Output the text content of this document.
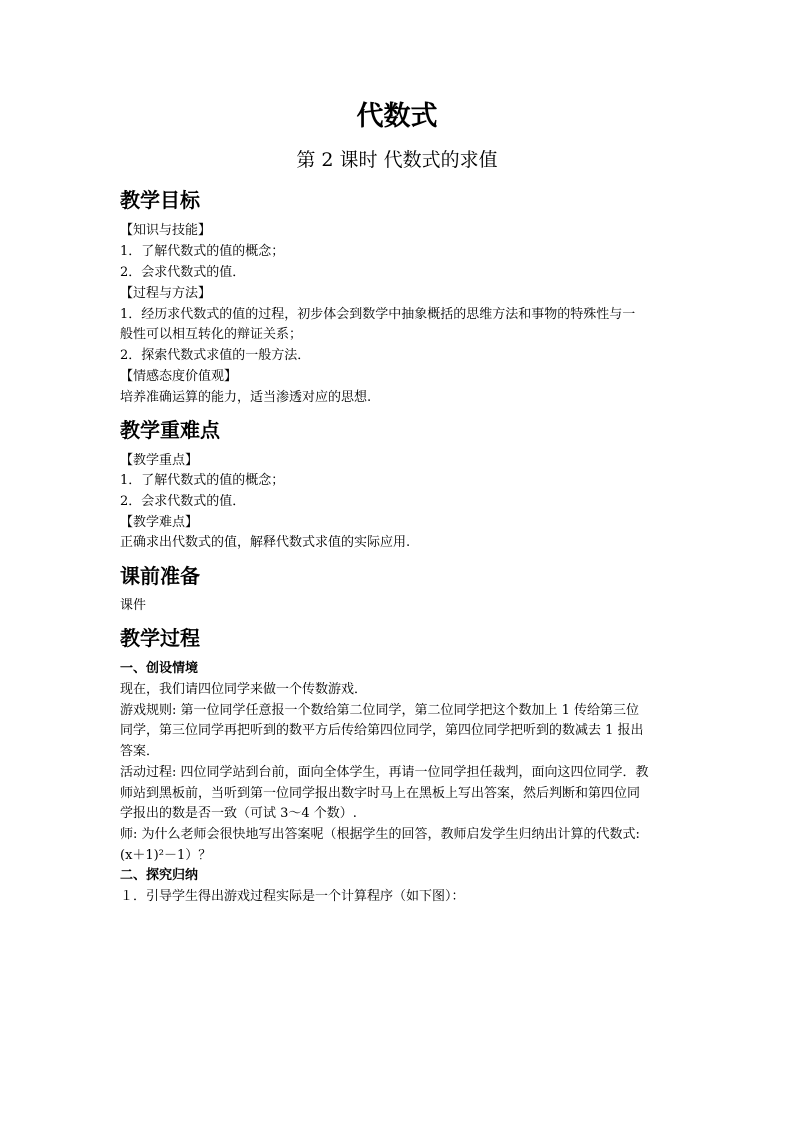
代数式
第 2 课时 代数式的求值
教学目标
【知识与技能】
1．了解代数式的值的概念；
2．会求代数式的值．
【过程与方法】
1．经历求代数式的值的过程，初步体会到数学中抽象概括的思维方法和事物的特殊性与一
般性可以相互转化的辩证关系；
2．探索代数式求值的一般方法．
【情感态度价值观】
培养准确运算的能力，适当渗透对应的思想.
教学重难点
【教学重点】
1．了解代数式的值的概念；
2．会求代数式的值．
【教学难点】
正确求出代数式的值，解释代数式求值的实际应用.
课前准备
课件
教学过程
一、创设情境
现在，我们请四位同学来做一个传数游戏．
游戏规则: 第一位同学任意报一个数给第二位同学，第二位同学把这个数加上 1 传给第三位
同学，第三位同学再把听到的数平方后传给第四位同学，第四位同学把听到的数减去 1 报出
答案．
活动过程: 四位同学站到台前，面向全体学生，再请一位同学担任裁判，面向这四位同学．教
师站到黑板前，当听到第一位同学报出数字时马上在黑板上写出答案，然后判断和第四位同
学报出的数是否一致（可试 3～4 个数）.
师: 为什么老师会很快地写出答案呢（根据学生的回答，教师启发学生归纳出计算的代数式:
(x＋1)²－1）？
二、探究归纳
１．引导学生得出游戏过程实际是一个计算程序（如下图）：
